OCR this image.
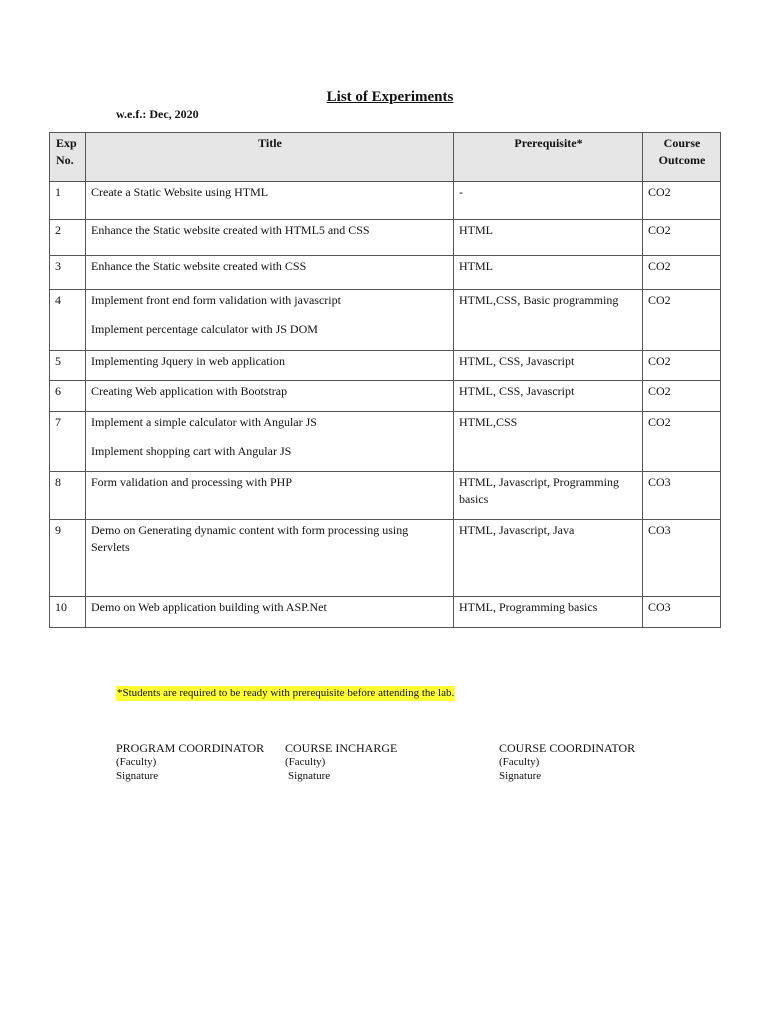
List of Experiments
w.e.f.: Dec, 2020
Exp
No.	Title	Prerequisite*	Course
Outcome
1	Create a Static Website using HTML	-	CO2
2	Enhance the Static website created with HTML5 and CSS	HTML	CO2
3	Enhance the Static website created with CSS	HTML	CO2
4	Implement front end form validation with javascript
Implement percentage calculator with JS DOM	HTML,CSS, Basic programming	CO2
5	Implementing Jquery in web application	HTML, CSS, Javascript	CO2
6	Creating Web application with Bootstrap	HTML, CSS, Javascript	CO2
7	Implement a simple calculator with Angular JS
Implement shopping cart with Angular JS	HTML,CSS	CO2
8	Form validation and processing with PHP	HTML, Javascript, Programming basics	CO3
9	Demo on Generating dynamic content with form processing using Servlets	HTML, Javascript, Java	CO3
10	Demo on Web application building with ASP.Net	HTML, Programming basics	CO3
*Students are required to be ready with prerequisite before attending the lab.
PROGRAM COORDINATOR
(Faculty)
Signature
COURSE INCHARGE
(Faculty)
Signature
COURSE COORDINATOR
(Faculty)
Signature
